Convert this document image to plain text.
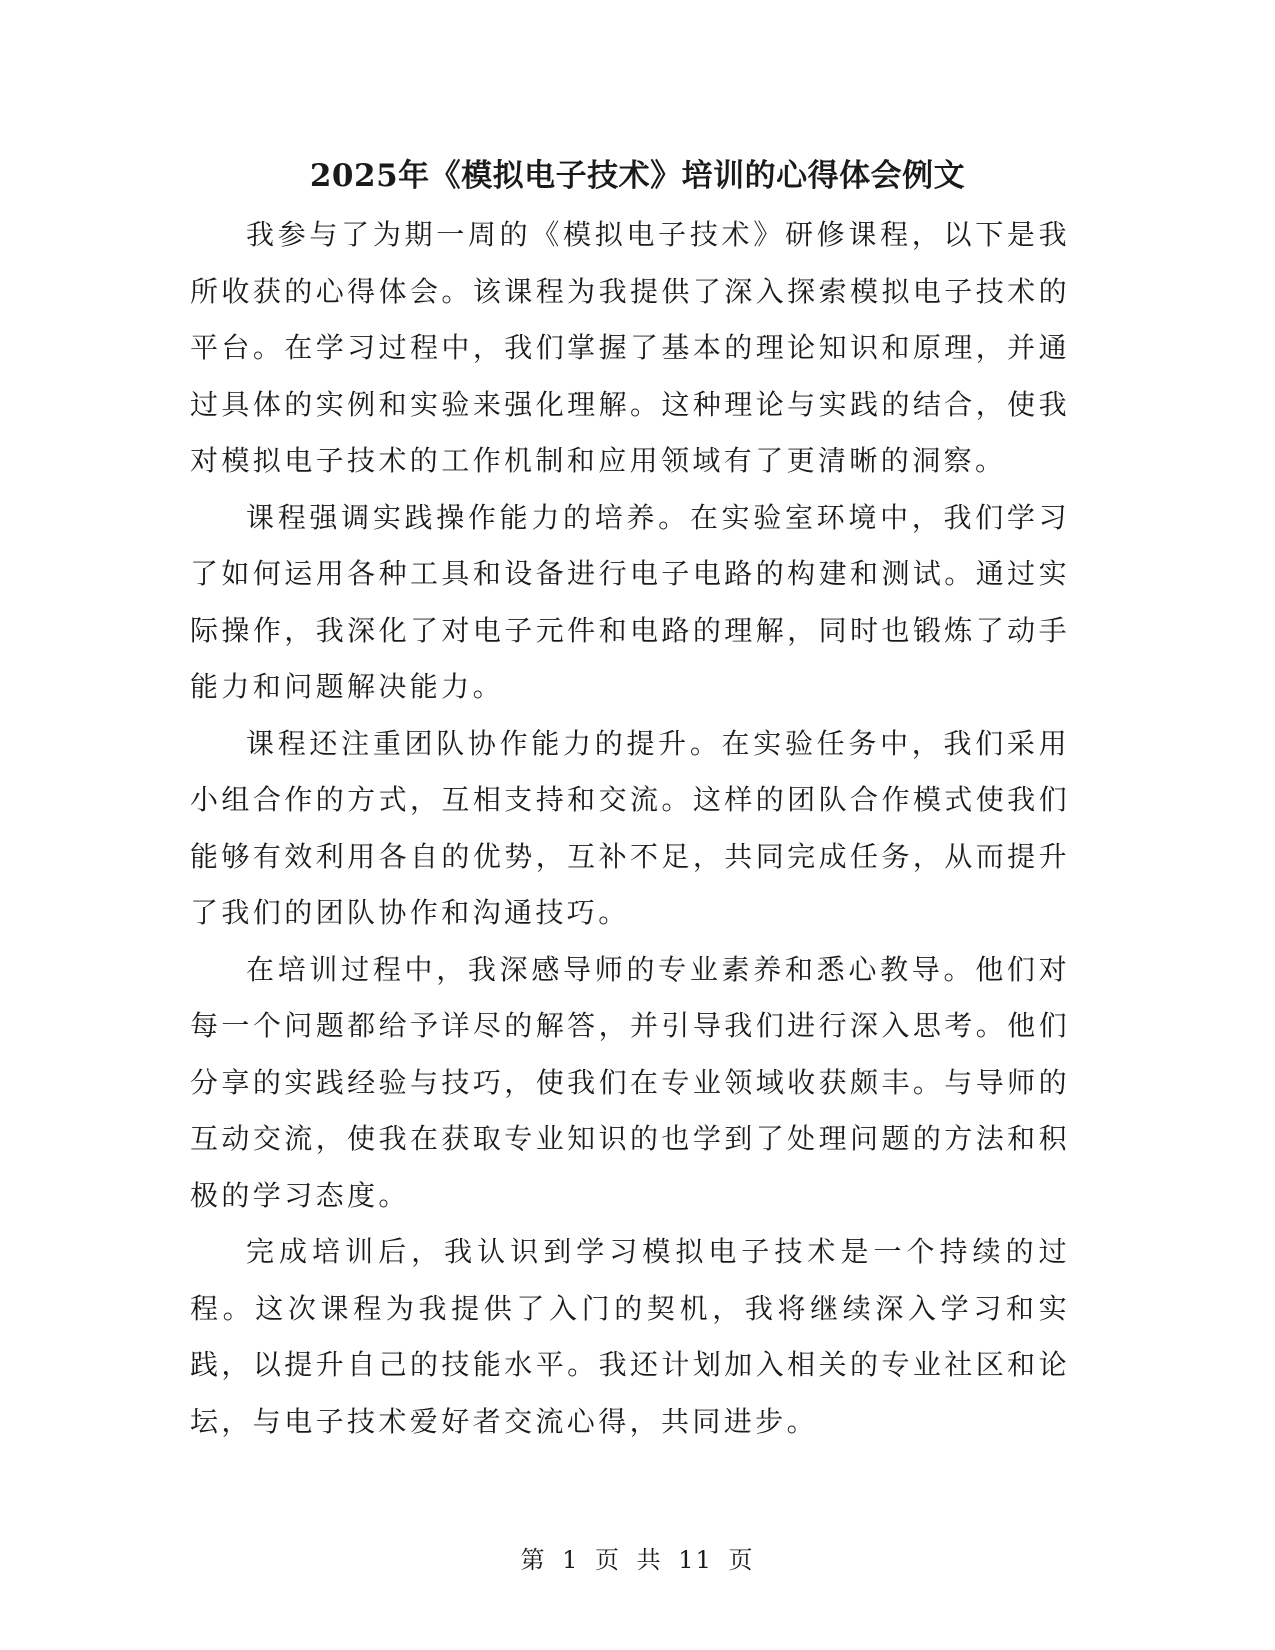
2025年《模拟电子技术》培训的心得体会例文

我参与了为期一周的《模拟电子技术》研修课程，以下是我所收获的心得体会。该课程为我提供了深入探索模拟电子技术的平台。在学习过程中，我们掌握了基本的理论知识和原理，并通过具体的实例和实验来强化理解。这种理论与实践的结合，使我对模拟电子技术的工作机制和应用领域有了更清晰的洞察。

课程强调实践操作能力的培养。在实验室环境中，我们学习了如何运用各种工具和设备进行电子电路的构建和测试。通过实际操作，我深化了对电子元件和电路的理解，同时也锻炼了动手能力和问题解决能力。

课程还注重团队协作能力的提升。在实验任务中，我们采用小组合作的方式，互相支持和交流。这样的团队合作模式使我们能够有效利用各自的优势，互补不足，共同完成任务，从而提升了我们的团队协作和沟通技巧。

在培训过程中，我深感导师的专业素养和悉心教导。他们对每一个问题都给予详尽的解答，并引导我们进行深入思考。他们分享的实践经验与技巧，使我们在专业领域收获颇丰。与导师的互动交流，使我在获取专业知识的也学到了处理问题的方法和积极的学习态度。

完成培训后，我认识到学习模拟电子技术是一个持续的过程。这次课程为我提供了入门的契机，我将继续深入学习和实践，以提升自己的技能水平。我还计划加入相关的专业社区和论坛，与电子技术爱好者交流心得，共同进步。

第 1 页 共 11 页
